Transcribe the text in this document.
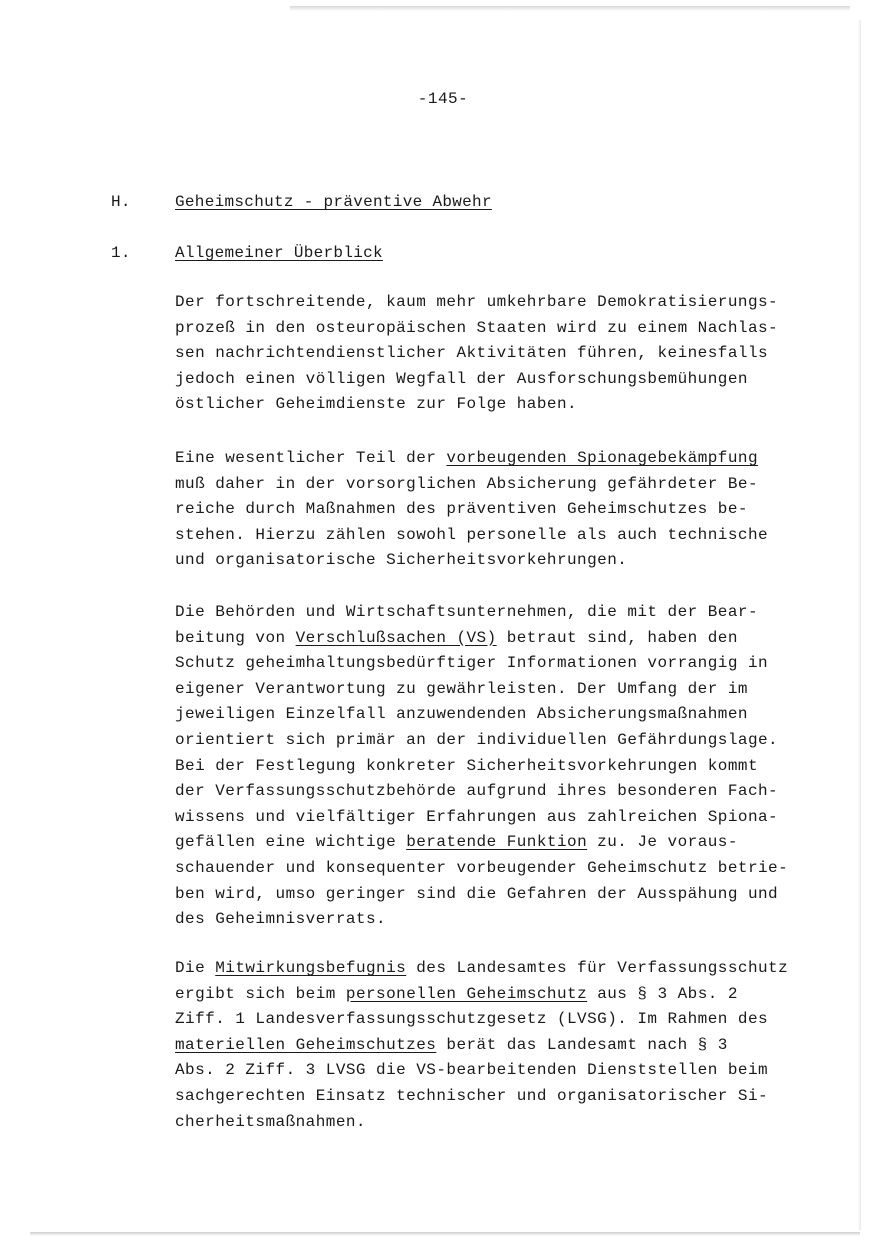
-145-
H.	Geheimschutz - präventive Abwehr
1.	Allgemeiner Überblick
Der fortschreitende, kaum mehr umkehrbare Demokratisierungs-
prozeß in den osteuropäischen Staaten wird zu einem Nachlas-
sen nachrichtendienstlicher Aktivitäten führen, keinesfalls
jedoch einen völligen Wegfall der Ausforschungsbemühungen
östlicher Geheimdienste zur Folge haben.
Eine wesentlicher Teil der vorbeugenden Spionagebekämpfung
muß daher in der vorsorglichen Absicherung gefährdeter Be-
reiche durch Maßnahmen des präventiven Geheimschutzes be-
stehen. Hierzu zählen sowohl personelle als auch technische
und organisatorische Sicherheitsvorkehrungen.
Die Behörden und Wirtschaftsunternehmen, die mit der Bear-
beitung von Verschlußsachen (VS) betraut sind, haben den
Schutz geheimhaltungsbedürftiger Informationen vorrangig in
eigener Verantwortung zu gewährleisten. Der Umfang der im
jeweiligen Einzelfall anzuwendenden Absicherungsmaßnahmen
orientiert sich primär an der individuellen Gefährdungslage.
Bei der Festlegung konkreter Sicherheitsvorkehrungen kommt
der Verfassungsschutzbehörde aufgrund ihres besonderen Fach-
wissens und vielfältiger Erfahrungen aus zahlreichen Spiona-
gefällen eine wichtige beratende Funktion zu. Je voraus-
schauender und konsequenter vorbeugender Geheimschutz betrie-
ben wird, umso geringer sind die Gefahren der Ausspähung und
des Geheimnisverrats.
Die Mitwirkungsbefugnis des Landesamtes für Verfassungsschutz
ergibt sich beim personellen Geheimschutz aus § 3 Abs. 2
Ziff. 1 Landesverfassungsschutzgesetz (LVSG). Im Rahmen des
materiellen Geheimschutzes berät das Landesamt nach § 3
Abs. 2 Ziff. 3 LVSG die VS-bearbeitenden Dienststellen beim
sachgerechten Einsatz technischer und organisatorischer Si-
cherheitsmaßnahmen.
